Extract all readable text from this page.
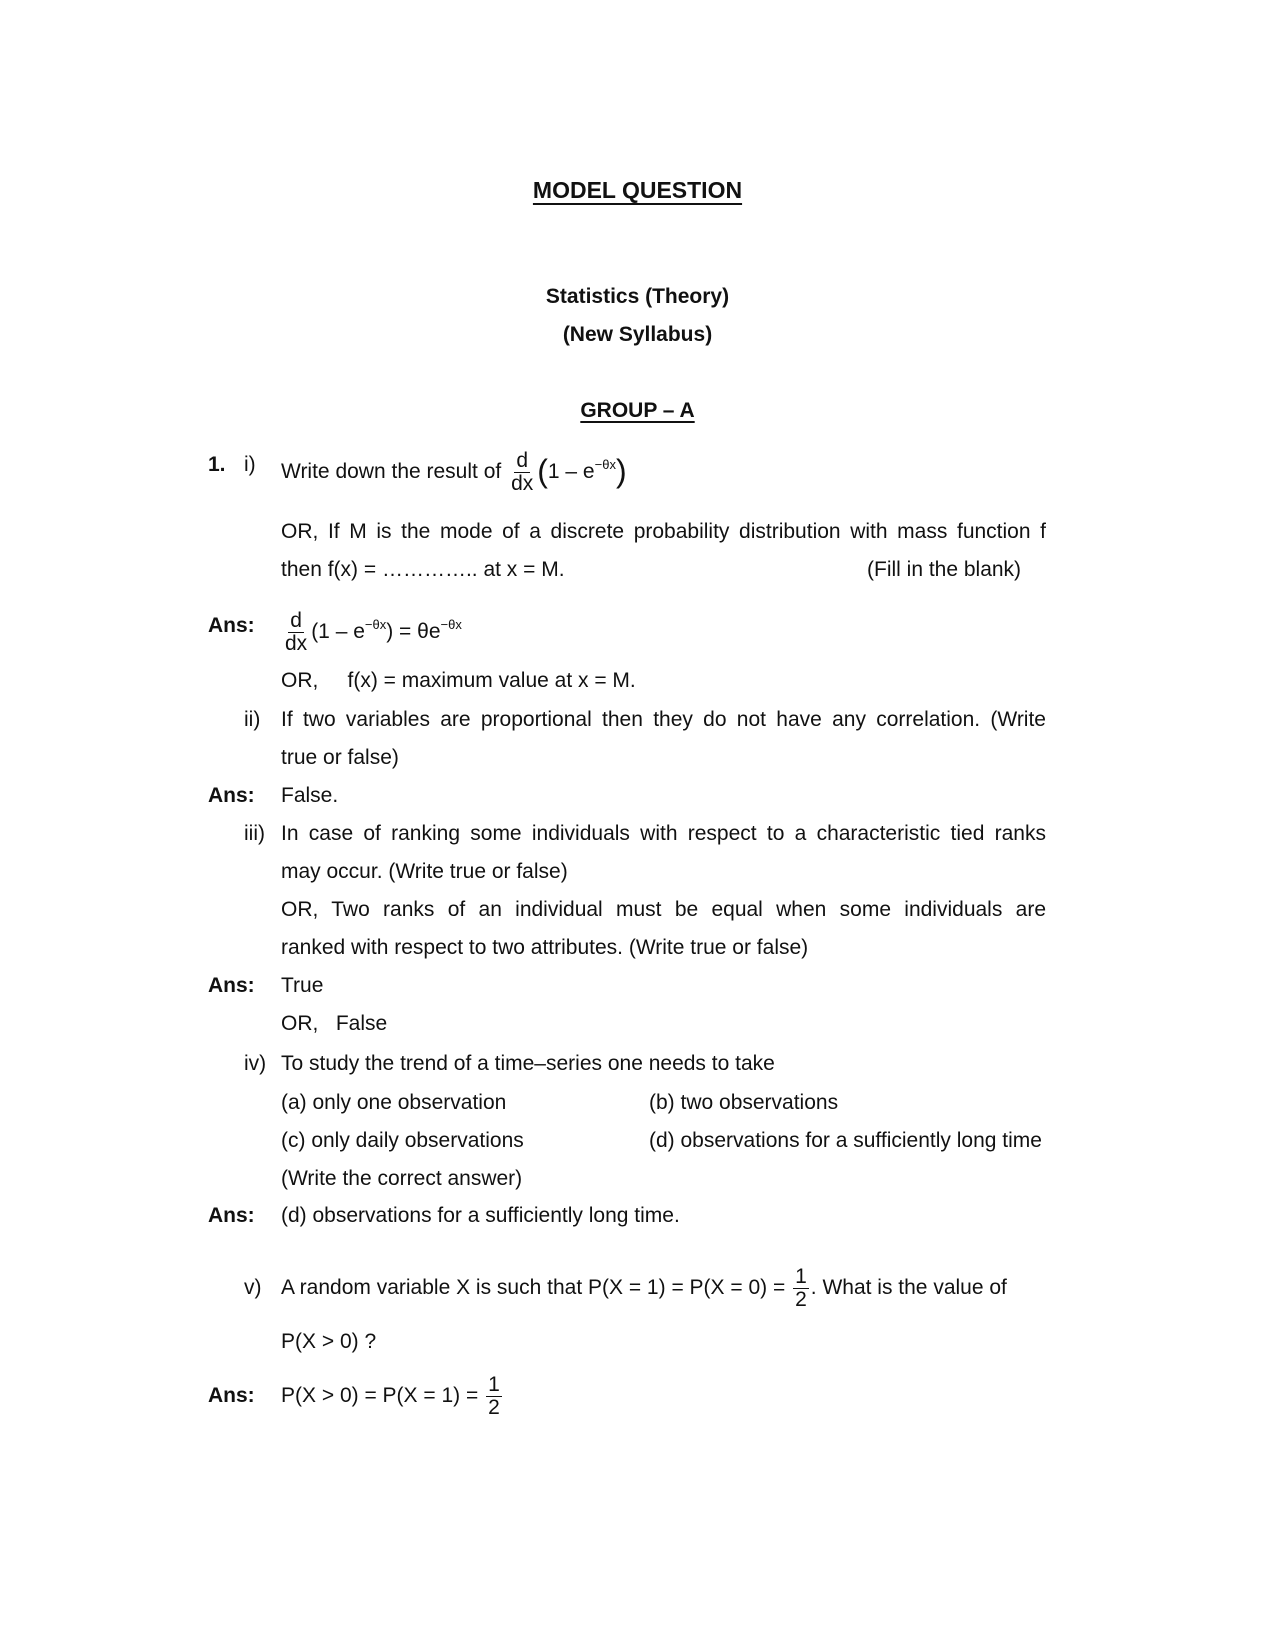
MODEL QUESTION
Statistics (Theory)
(New Syllabus)
GROUP – A
1. i) Write down the result of $\frac{d}{dx} (1 - e^{-\theta x})$
OR, If M is the mode of a discrete probability distribution with mass function f
then f(x) = ………….. at x = M.	(Fill in the blank)
Ans: $\frac{d}{dx} (1 - e^{-\theta x}) = \theta e^{-\theta x}$
OR,     f(x) = maximum value at x = M.
ii) If two variables are proportional then they do not have any correlation. (Write
true or false)
Ans: False.
iii) In case of ranking some individuals with respect to a characteristic tied ranks
may occur. (Write true or false)
OR, Two ranks of an individual must be equal when some individuals are
ranked with respect to two attributes. (Write true or false)
Ans: True
OR,   False
iv) To study the trend of a time–series one needs to take
(a) only one observation	(b) two observations
(c) only daily observations	(d) observations for a sufficiently long time
(Write the correct answer)
Ans: (d) observations for a sufficiently long time.
v) A random variable X is such that $P(X = 1) = P(X = 0) = \frac{1}{2}$ . What is the value of
P(X > 0) ?
Ans: $P(X > 0) = P(X = 1) = \frac{1}{2}$
